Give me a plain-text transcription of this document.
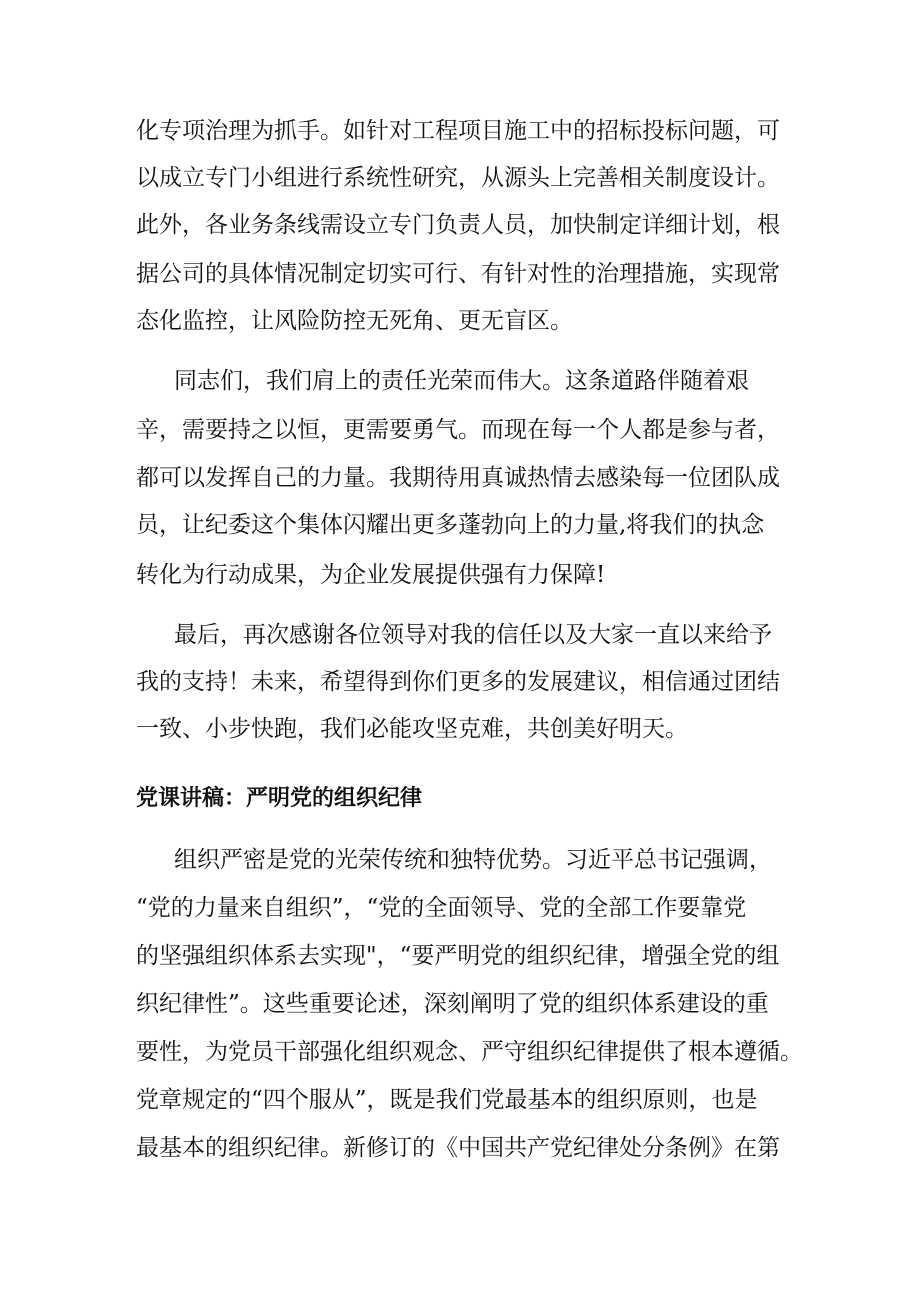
化专项治理为抓手。如针对工程项目施工中的招标投标问题，可
以成立专门小组进行系统性研究，从源头上完善相关制度设计。
此外，各业务条线需设立专门负责人员，加快制定详细计划，根
据公司的具体情况制定切实可行、有针对性的治理措施，实现常
态化监控，让风险防控无死角、更无盲区。
同志们，我们肩上的责任光荣而伟大。这条道路伴随着艰
辛，需要持之以恒，更需要勇气。而现在每一个人都是参与者，
都可以发挥自己的力量。我期待用真诚热情去感染每一位团队成
员，让纪委这个集体闪耀出更多蓬勃向上的力量,将我们的执念
转化为行动成果，为企业发展提供强有力保障!
最后，再次感谢各位领导对我的信任以及大家一直以来给予
我的支持！未来，希望得到你们更多的发展建议，相信通过团结
一致、小步快跑，我们必能攻坚克难，共创美好明天。
党课讲稿：严明党的组织纪律
组织严密是党的光荣传统和独特优势。习近平总书记强调，
“党的力量来自组织”，“党的全面领导、党的全部工作要靠党
的坚强组织体系去实现"，“要严明党的组织纪律，增强全党的组
织纪律性”。这些重要论述，深刻阐明了党的组织体系建设的重
要性，为党员干部强化组织观念、严守组织纪律提供了根本遵循。
党章规定的“四个服从”，既是我们党最基本的组织原则，也是
最基本的组织纪律。新修订的《中国共产党纪律处分条例》在第
